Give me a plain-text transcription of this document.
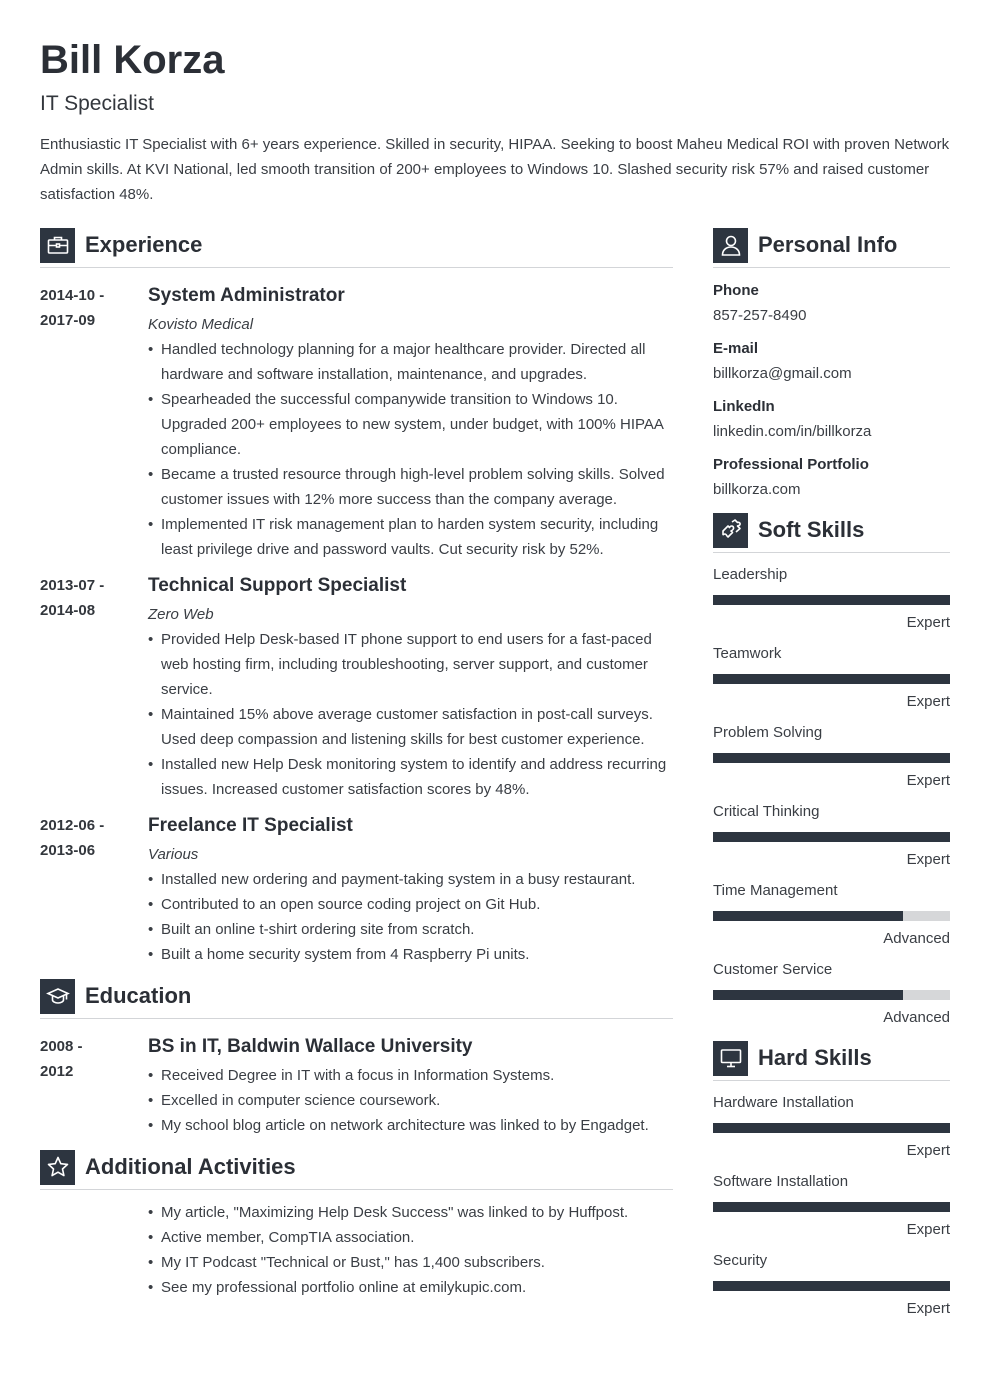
Bill Korza
IT Specialist
Enthusiastic IT Specialist with 6+ years experience. Skilled in security, HIPAA. Seeking to boost Maheu Medical ROI with proven Network Admin skills. At KVI National, led smooth transition of 200+ employees to Windows 10. Slashed security risk 57% and raised customer satisfaction 48%.
Experience
2014-10 -
2017-09
System Administrator
Kovisto Medical
• Handled technology planning for a major healthcare provider. Directed all hardware and software installation, maintenance, and upgrades.
• Spearheaded the successful companywide transition to Windows 10. Upgraded 200+ employees to new system, under budget, with 100% HIPAA compliance.
• Became a trusted resource through high-level problem solving skills. Solved customer issues with 12% more success than the company average.
• Implemented IT risk management plan to harden system security, including least privilege drive and password vaults. Cut security risk by 52%.
2013-07 -
2014-08
Technical Support Specialist
Zero Web
• Provided Help Desk-based IT phone support to end users for a fast-paced web hosting firm, including troubleshooting, server support, and customer service.
• Maintained 15% above average customer satisfaction in post-call surveys. Used deep compassion and listening skills for best customer experience.
• Installed new Help Desk monitoring system to identify and address recurring issues. Increased customer satisfaction scores by 48%.
2012-06 -
2013-06
Freelance IT Specialist
Various
• Installed new ordering and payment-taking system in a busy restaurant.
• Contributed to an open source coding project on Git Hub.
• Built an online t-shirt ordering site from scratch.
• Built a home security system from 4 Raspberry Pi units.
Education
2008 -
2012
BS in IT, Baldwin Wallace University
• Received Degree in IT with a focus in Information Systems.
• Excelled in computer science coursework.
• My school blog article on network architecture was linked to by Engadget.
Additional Activities
• My article, "Maximizing Help Desk Success" was linked to by Huffpost.
• Active member, CompTIA association.
• My IT Podcast "Technical or Bust," has 1,400 subscribers.
• See my professional portfolio online at emilykupic.com.
Personal Info
Phone
857-257-8490
E-mail
billkorza@gmail.com
LinkedIn
linkedin.com/in/billkorza
Professional Portfolio
billkorza.com
Soft Skills
Leadership
Expert
Teamwork
Expert
Problem Solving
Expert
Critical Thinking
Expert
Time Management
Advanced
Customer Service
Advanced
Hard Skills
Hardware Installation
Expert
Software Installation
Expert
Security
Expert
